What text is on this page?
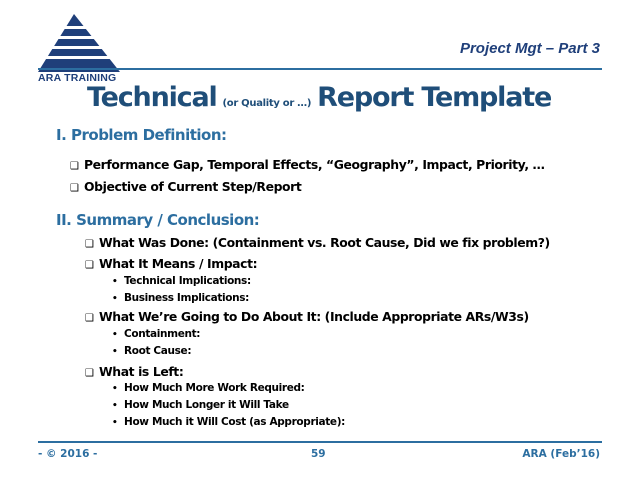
ARA TRAINING
Project Mgt – Part 3
Technical (or Quality or …) Report Template
I. Problem Definition:
❑ Performance Gap, Temporal Effects, “Geography”, Impact, Priority, …
❑ Objective of Current Step/Report
II. Summary / Conclusion:
❑ What Was Done: (Containment vs. Root Cause, Did we fix problem?)
❑ What It Means / Impact:
• Technical Implications:
• Business Implications:
❑ What We’re Going to Do About It: (Include Appropriate ARs/W3s)
• Containment:
• Root Cause:
❑ What is Left:
• How Much More Work Required:
• How Much Longer it Will Take
• How Much it Will Cost (as Appropriate):
- © 2016 -	59	ARA (Feb’16)
